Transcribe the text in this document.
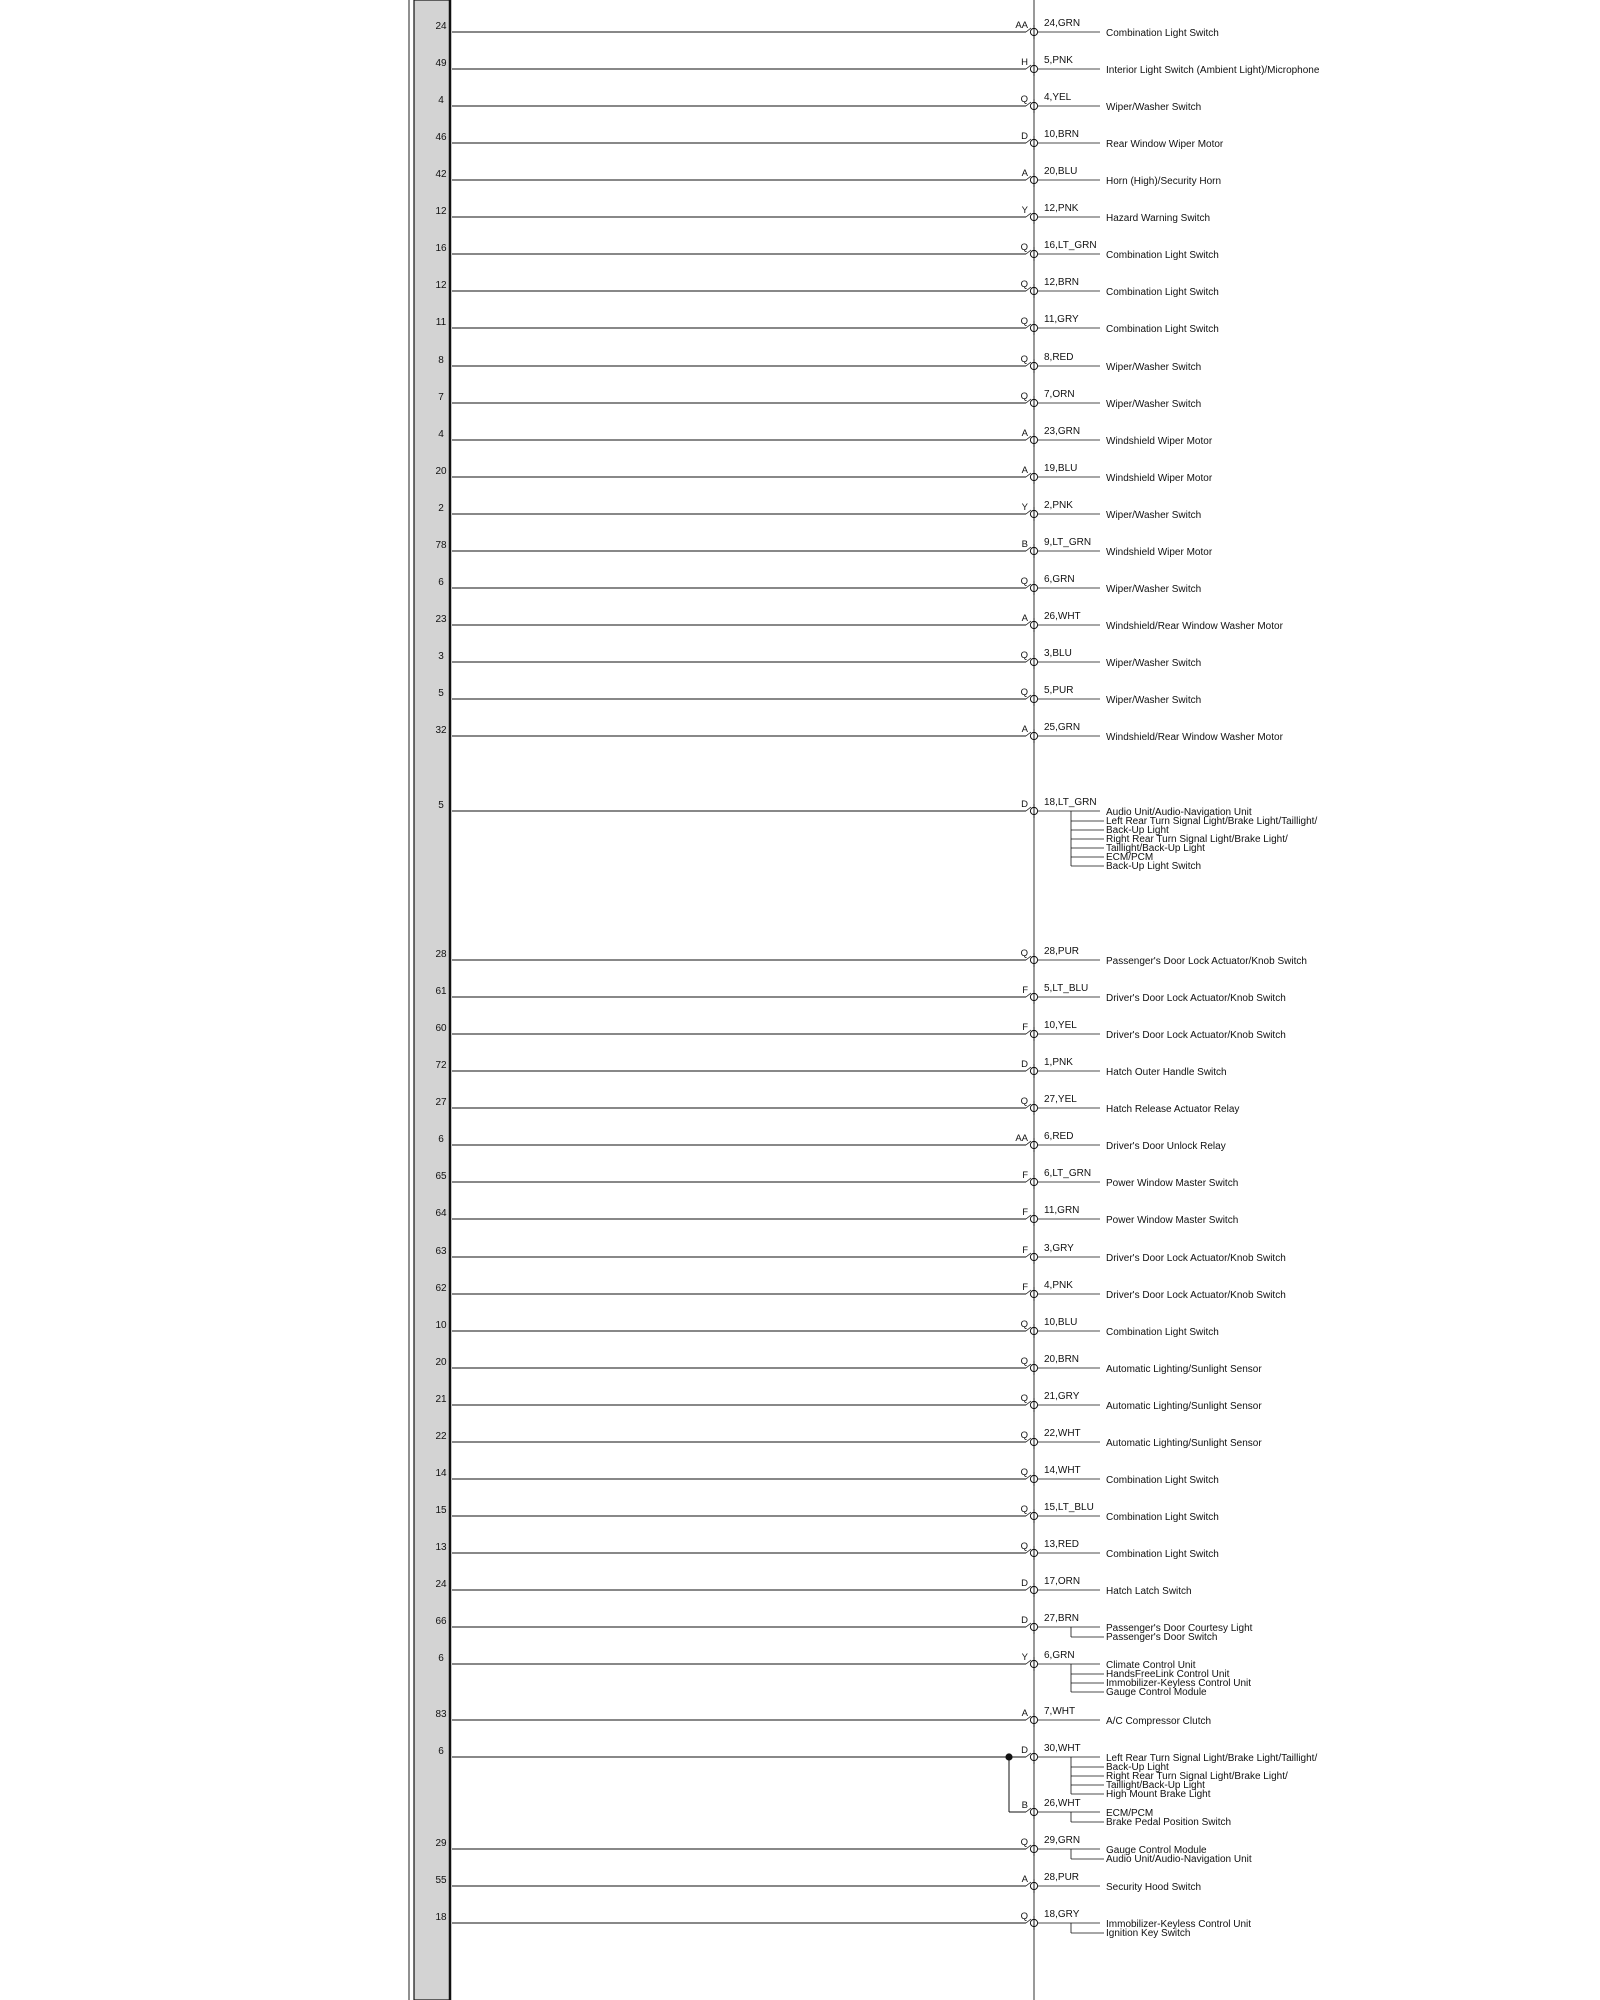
24	AA 24,GRN
Combination Light Switch
49	H 5,PNK
Interior Light Switch (Ambient Light)/Microphone
4	Q 4,YEL
Wiper/Washer Switch
46	D 10,BRN
Rear Window Wiper Motor
42	A 20,BLU
Horn (High)/Security Horn
12	Y 12,PNK
Hazard Warning Switch
16	Q 16,LT_GRN
Combination Light Switch
12	Q 12,BRN
Combination Light Switch
11	Q 11,GRY
Combination Light Switch
8	Q 8,RED
Wiper/Washer Switch
7	Q 7,ORN
Wiper/Washer Switch
4	A 23,GRN
Windshield Wiper Motor
20	A 19,BLU
Windshield Wiper Motor
2	Y 2,PNK
Wiper/Washer Switch
78	B 9,LT_GRN
Windshield Wiper Motor
6	Q 6,GRN
Wiper/Washer Switch
23	A 26,WHT
Windshield/Rear Window Washer Motor
3	Q 3,BLU
Wiper/Washer Switch
5	Q 5,PUR
Wiper/Washer Switch
32	A 25,GRN
Windshield/Rear Window Washer Motor
5	D 18,LT_GRN
Audio Unit/Audio-Navigation Unit
Left Rear Turn Signal Light/Brake Light/Taillight/
Back-Up Light
Right Rear Turn Signal Light/Brake Light/
Taillight/Back-Up Light
ECM/PCM
Back-Up Light Switch
28	Q 28,PUR
Passenger's Door Lock Actuator/Knob Switch
61	F 5,LT_BLU
Driver's Door Lock Actuator/Knob Switch
60	F 10,YEL
Driver's Door Lock Actuator/Knob Switch
72	D 1,PNK
Hatch Outer Handle Switch
27	Q 27,YEL
Hatch Release Actuator Relay
6	AA 6,RED
Driver's Door Unlock Relay
65	F 6,LT_GRN
Power Window Master Switch
64	F 11,GRN
Power Window Master Switch
63	F 3,GRY
Driver's Door Lock Actuator/Knob Switch
62	F 4,PNK
Driver's Door Lock Actuator/Knob Switch
10	Q 10,BLU
Combination Light Switch
20	Q 20,BRN
Automatic Lighting/Sunlight Sensor
21	Q 21,GRY
Automatic Lighting/Sunlight Sensor
22	Q 22,WHT
Automatic Lighting/Sunlight Sensor
14	Q 14,WHT
Combination Light Switch
15	Q 15,LT_BLU
Combination Light Switch
13	Q 13,RED
Combination Light Switch
24	D 17,ORN
Hatch Latch Switch
66	D 27,BRN
Passenger's Door Courtesy Light
Passenger's Door Switch
6	Y 6,GRN
Climate Control Unit
HandsFreeLink Control Unit
Immobilizer-Keyless Control Unit
Gauge Control Module
83	A 7,WHT
A/C Compressor Clutch
6	D 30,WHT
Left Rear Turn Signal Light/Brake Light/Taillight/
Back-Up Light
Right Rear Turn Signal Light/Brake Light/
Taillight/Back-Up Light
High Mount Brake Light
B 26,WHT
ECM/PCM
Brake Pedal Position Switch
29	Q 29,GRN
Gauge Control Module
Audio Unit/Audio-Navigation Unit
55	A 28,PUR
Security Hood Switch
18	Q 18,GRY
Immobilizer-Keyless Control Unit
Ignition Key Switch
